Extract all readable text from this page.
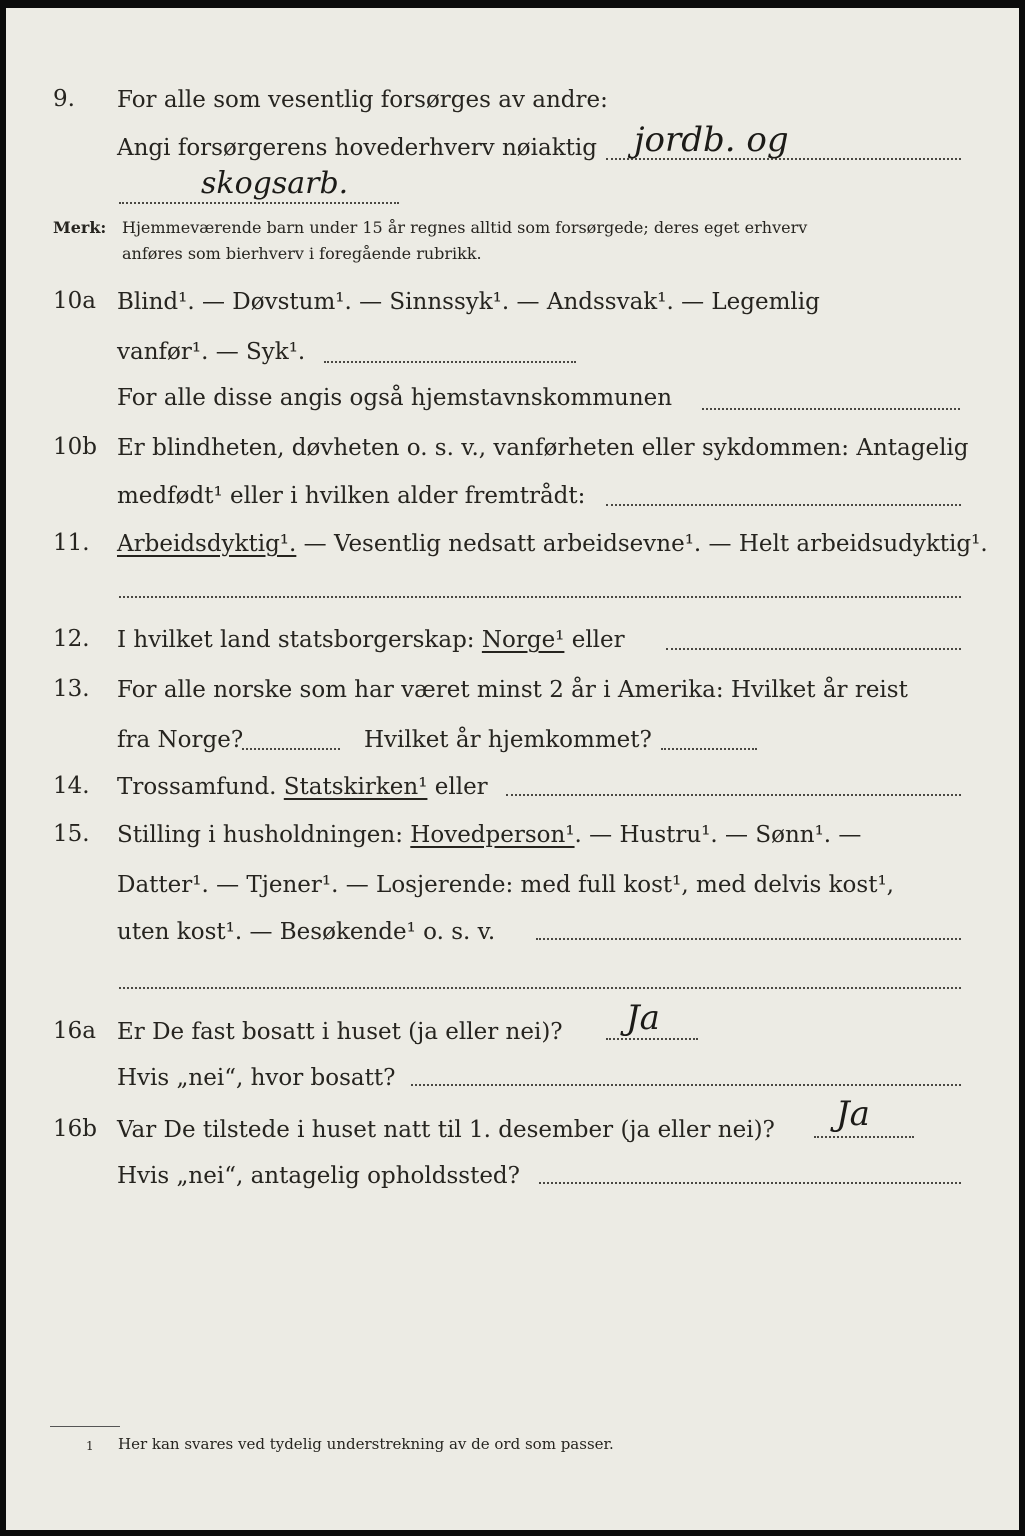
9. For alle som vesentlig forsørges av andre:
Angi forsørgerens hovederhverv nøiaktig jordb. og
skogsarb.
Merk: Hjemmeværende barn under 15 år regnes alltid som forsørgede; deres eget erhverv
anføres som bierhverv i foregående rubrikk.
10a Blind¹. — Døvstum¹. — Sinnssyk¹. — Andssvak¹. — Legemlig
vanfør¹. — Syk¹.
For alle disse angis også hjemstavnskommunen
10b Er blindheten, døvheten o. s. v., vanførheten eller sykdommen: Antagelig
medfødt¹ eller i hvilken alder fremtrådt:
11. Arbeidsdyktig¹. — Vesentlig nedsatt arbeidsevne¹. — Helt arbeidsudyktig¹.
12. I hvilket land statsborgerskap: Norge¹ eller
13. For alle norske som har været minst 2 år i Amerika: Hvilket år reist
fra Norge?	Hvilket år hjemkommet?
14. Trossamfund. Statskirken¹ eller
15. Stilling i husholdningen: Hovedperson¹. — Hustru¹. — Sønn¹. —
Datter¹. — Tjener¹. — Losjerende: med full kost¹, med delvis kost¹,
uten kost¹. — Besøkende¹ o. s. v.
16a Er De fast bosatt i huset (ja eller nei)? Ja
Hvis „nei“, hvor bosatt?
16b Var De tilstede i huset natt til 1. desember (ja eller nei)? Ja
Hvis „nei“, antagelig opholdssted?
1 Her kan svares ved tydelig understrekning av de ord som passer.
